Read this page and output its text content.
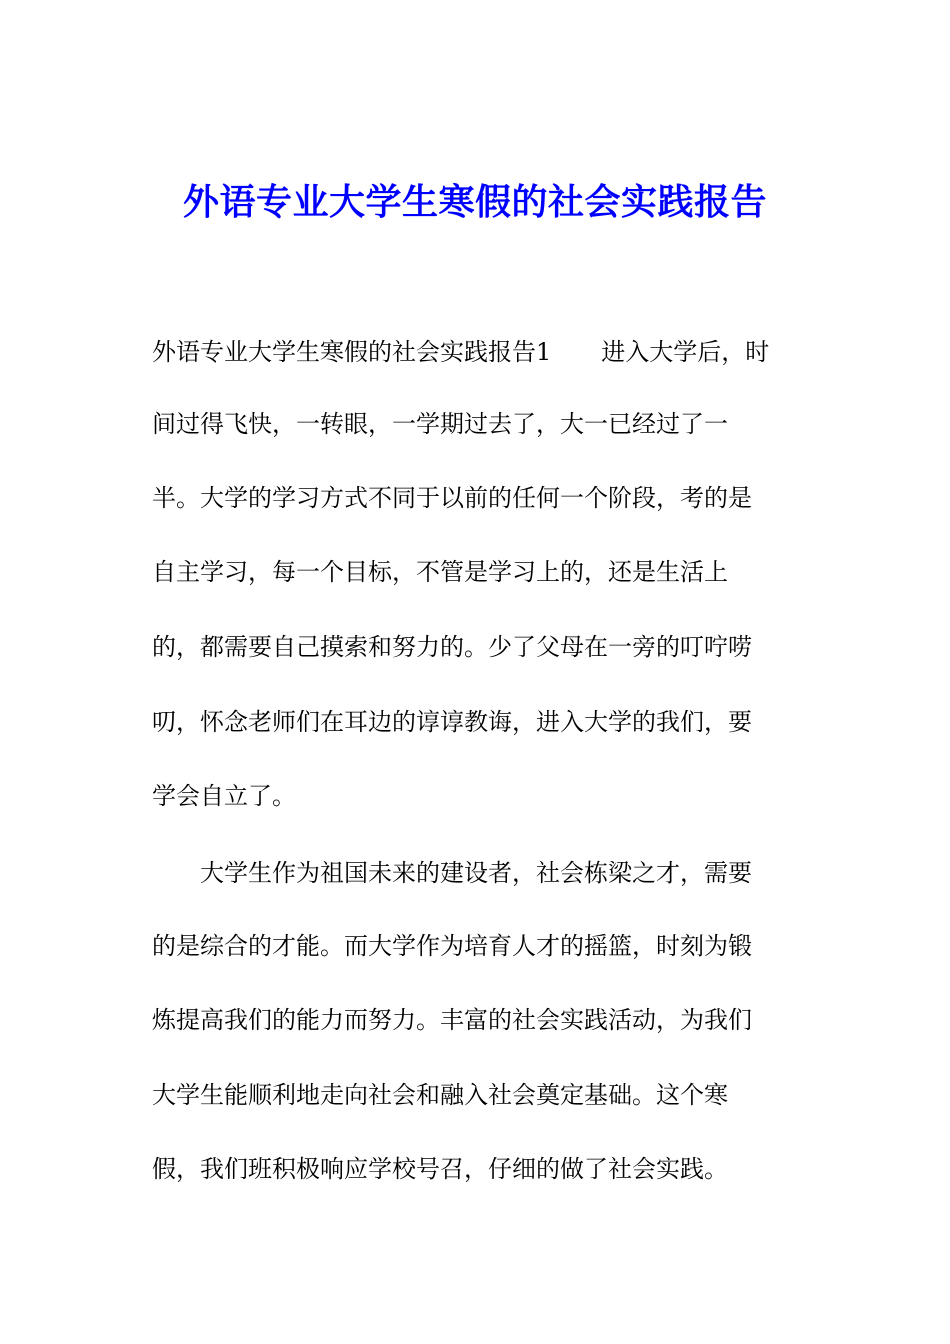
外语专业大学生寒假的社会实践报告
外语专业大学生寒假的社会实践报告1 进入大学后，时
间过得飞快，一转眼，一学期过去了，大一已经过了一
半。大学的学习方式不同于以前的任何一个阶段，考的是
自主学习，每一个目标，不管是学习上的，还是生活上
的，都需要自己摸索和努力的。少了父母在一旁的叮咛唠
叨，怀念老师们在耳边的谆谆教诲，进入大学的我们，要
学会自立了。
　　大学生作为祖国未来的建设者，社会栋梁之才，需要
的是综合的才能。而大学作为培育人才的摇篮，时刻为锻
炼提高我们的能力而努力。丰富的社会实践活动，为我们
大学生能顺利地走向社会和融入社会奠定基础。这个寒
假，我们班积极响应学校号召，仔细的做了社会实践。
